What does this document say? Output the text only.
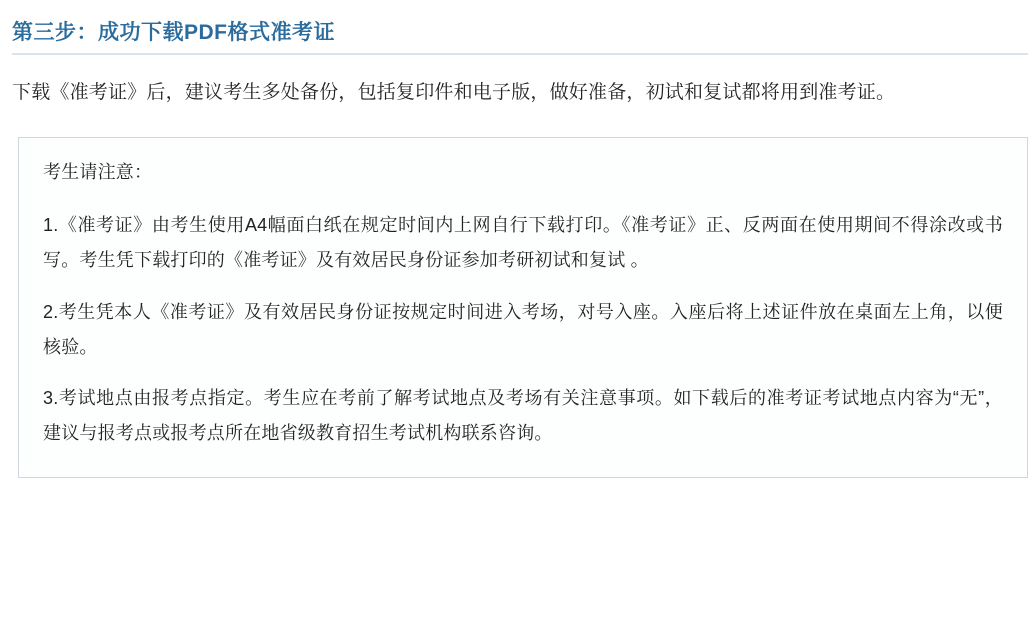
第三步：成功下载PDF格式准考证

下载《准考证》后，建议考生多处备份，包括复印件和电子版，做好准备，初试和复试都将用到准考证。

考生请注意：

1.《准考证》由考生使用A4幅面白纸在规定时间内上网自行下载打印。《准考证》正、反两面在使用期间不得涂改或书写。考生凭下载打印的《准考证》及有效居民身份证参加考研初试和复试 。

2.考生凭本人《准考证》及有效居民身份证按规定时间进入考场，对号入座。入座后将上述证件放在桌面左上角，以便核验。

3.考试地点由报考点指定。考生应在考前了解考试地点及考场有关注意事项。如下载后的准考证考试地点内容为“无”， 建议与报考点或报考点所在地省级教育招生考试机构联系咨询。
